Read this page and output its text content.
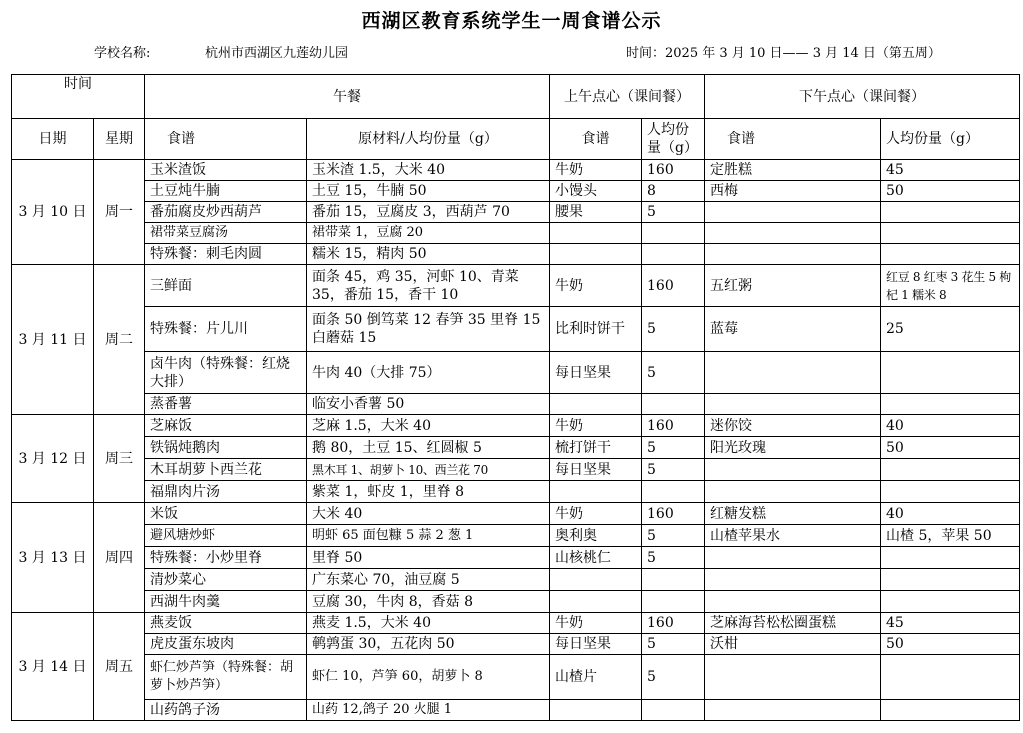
西湖区教育系统学生一周食谱公示
学校名称:	杭州市西湖区九莲幼儿园	时间：2025 年 3 月 10 日—— 3 月 14 日（第五周）
时间		午餐		上午点心（课间餐）		下午点心（课间餐）	
日期	星期	食谱	原材料/人均份量（g）	食谱	人均份量（g）	食谱	人均份量（g）
3 月 10 日	周一	玉米渣饭	玉米渣 1.5，大米 40	牛奶	160	定胜糕	45
		土豆炖牛腩	土豆 15，牛腩 50	小馒头	8	西梅	50
		番茄腐皮炒西葫芦	番茄 15，豆腐皮 3，西葫芦 70	腰果	5		
		裙带菜豆腐汤	裙带菜 1，豆腐 20				
		特殊餐：刺毛肉圆	糯米 15，精肉 50				
3 月 11 日	周二	三鲜面	面条 45，鸡 35，河虾 10、青菜 35，番茄 15，香干 10	牛奶	160	五红粥	红豆 8 红枣 3 花生 5 枸杞 1 糯米 8
		特殊餐：片儿川	面条 50 倒笃菜 12 春笋 35 里脊 15 白蘑菇 15	比利时饼干	5	蓝莓	25
		卤牛肉（特殊餐：红烧大排）	牛肉 40（大排 75）	每日坚果	5		
		蒸番薯	临安小香薯 50				
3 月 12 日	周三	芝麻饭	芝麻 1.5，大米 40	牛奶	160	迷你饺	40
		铁锅炖鹅肉	鹅 80，土豆 15、红圆椒 5	梳打饼干	5	阳光玫瑰	50
		木耳胡萝卜西兰花	黑木耳 1、胡萝卜 10、西兰花 70	每日坚果	5		
		福鼎肉片汤	紫菜 1，虾皮 1，里脊 8				
3 月 13 日	周四	米饭	大米 40	牛奶	160	红糖发糕	40
		避风塘炒虾	明虾 65 面包糠 5 蒜 2 葱 1	奥利奥	5	山楂苹果水	山楂 5，苹果 50
		特殊餐：小炒里脊	里脊 50	山核桃仁	5		
		清炒菜心	广东菜心 70，油豆腐 5				
		西湖牛肉羹	豆腐 30，牛肉 8，香菇 8				
3 月 14 日	周五	燕麦饭	燕麦 1.5，大米 40	牛奶	160	芝麻海苔松松圈蛋糕	45
		虎皮蛋东坡肉	鹌鹑蛋 30，五花肉 50	每日坚果	5	沃柑	50
		虾仁炒芦笋（特殊餐：胡萝卜炒芦笋）	虾仁 10，芦笋 60，胡萝卜 8	山楂片	5		
		山药鸽子汤	山药 12,鸽子 20 火腿 1				
